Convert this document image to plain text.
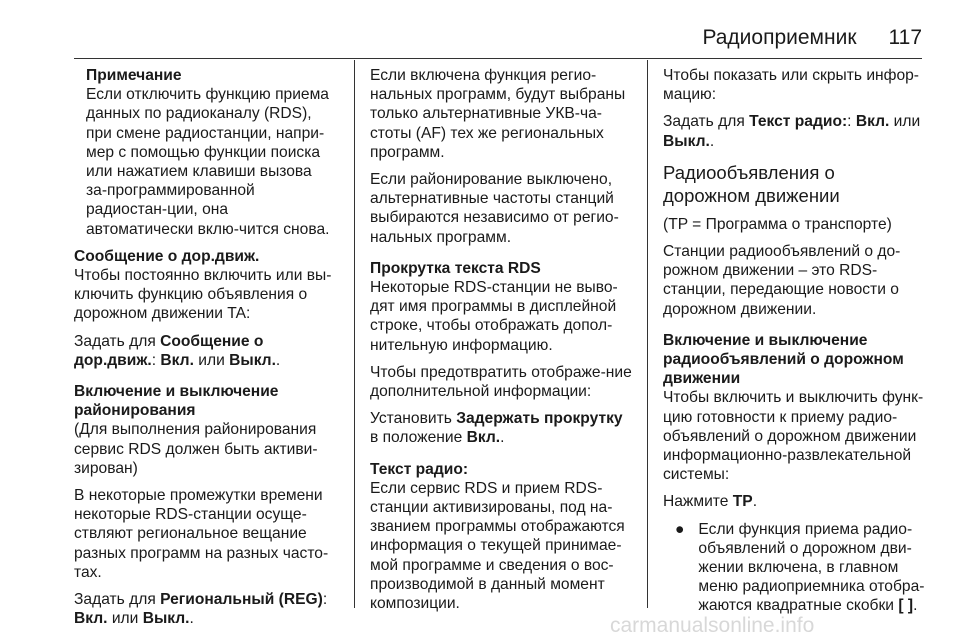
Радиоприемник 117
Примечание
Если отключить функцию приема данных по радиоканалу (RDS), при смене радиостанции, напри-мер с помощью функции поиска или нажатием клавиши вызова за-программированной радиостан-ции, она автоматически вклю-чится снова.
Сообщение о дор.движ.

Чтобы постоянно включить или вы-ключить функцию объявления о дорожном движении TA:

Задать для Сообщение о дор.движ.: Вкл. или Выкл..

Включение и выключение районирования

(Для выполнения районирования сервис RDS должен быть активи-зирован)

В некоторые промежутки времени некоторые RDS-станции осуще-ствляют региональное вещание разных программ на разных часто-тах.

Задать для Региональный (REG):
Вкл. или Выкл..

Если включена функция регио-нальных программ, будут выбраны только альтернативные УКВ-ча-стоты (AF) тех же региональных программ.

Если районирование выключено, альтернативные частоты станций выбираются независимо от регио-нальных программ.

Прокрутка текста RDS

Некоторые RDS-станции не выво-дят имя программы в дисплейной строке, чтобы отображать допол-нительную информацию.

Чтобы предотвратить отображе-ние дополнительной информации:

Установить Задержать прокрутку в положение Вкл..

Текст радио:

Если сервис RDS и прием RDS-станции активизированы, под на-званием программы отображаются информация о текущей принимае-мой программе и сведения о вос-производимой в данный момент композиции.

Чтобы показать или скрыть инфор-мацию:

Задать для Текст радио:: Вкл. или
Выкл..

Радиообъявления о дорожном движении

(TP = Программа о транспорте)

Станции радиообъявлений о до-рожном движении – это RDS-станции, передающие новости о дорожном движении.

Включение и выключение радиообъявлений о дорожном движении

Чтобы включить и выключить функ-цию готовности к приему радио-объявлений о дорожном движении информационно-развлекательной системы:

Нажмите TP.

● Если функция приема радио-объявлений о дорожном дви-жении включена, в главном меню радиоприемника отобра-жаются квадратные скобки [ ].
carmanualsonline.info
